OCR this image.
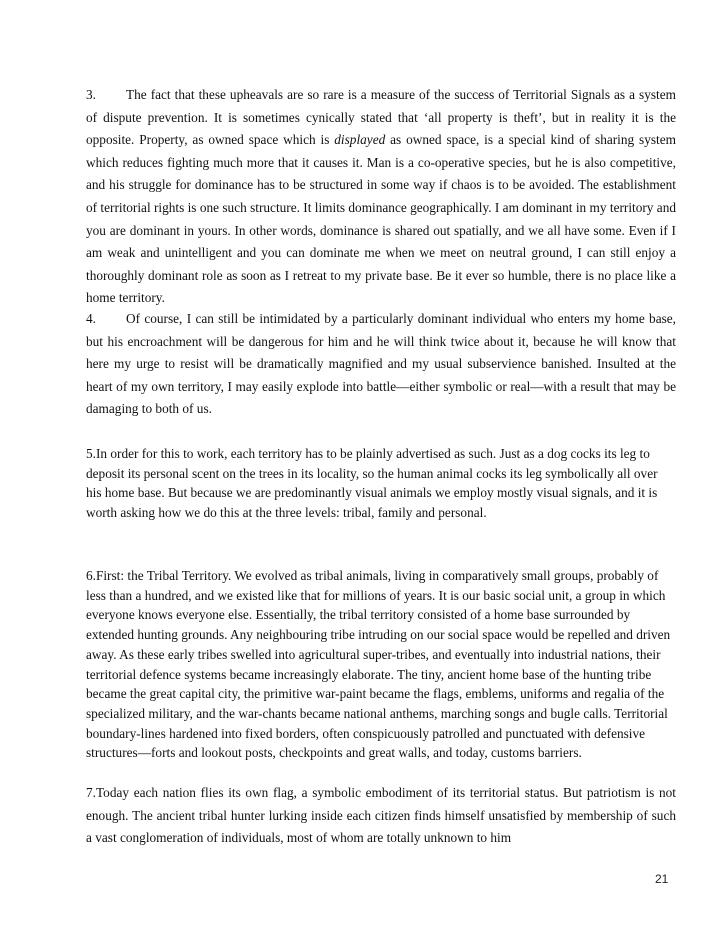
3. The fact that these upheavals are so rare is a measure of the success of Territorial Signals as a system of dispute prevention. It is sometimes cynically stated that ‘all property is theft’, but in reality it is the opposite. Property, as owned space which is displayed as owned space, is a special kind of sharing system which reduces fighting much more that it causes it. Man is a co-operative species, but he is also competitive, and his struggle for dominance has to be structured in some way if chaos is to be avoided. The establishment of territorial rights is one such structure. It limits dominance geographically. I am dominant in my territory and you are dominant in yours. In other words, dominance is shared out spatially, and we all have some. Even if I am weak and unintelligent and you can dominate me when we meet on neutral ground, I can still enjoy a thoroughly dominant role as soon as I retreat to my private base. Be it ever so humble, there is no place like a home territory.

4. Of course, I can still be intimidated by a particularly dominant individual who enters my home base, but his encroachment will be dangerous for him and he will think twice about it, because he will know that here my urge to resist will be dramatically magnified and my usual subservience banished. Insulted at the heart of my own territory, I may easily explode into battle—either symbolic or real—with a result that may be damaging to both of us.

5.In order for this to work, each territory has to be plainly advertised as such. Just as a dog cocks its leg to deposit its personal scent on the trees in its locality, so the human animal cocks its leg symbolically all over his home base. But because we are predominantly visual animals we employ mostly visual signals, and it is worth asking how we do this at the three levels: tribal, family and personal.

6.First: the Tribal Territory. We evolved as tribal animals, living in comparatively small groups, probably of less than a hundred, and we existed like that for millions of years. It is our basic social unit, a group in which everyone knows everyone else. Essentially, the tribal territory consisted of a home base surrounded by extended hunting grounds. Any neighbouring tribe intruding on our social space would be repelled and driven away. As these early tribes swelled into agricultural super-tribes, and eventually into industrial nations, their territorial defence systems became increasingly elaborate. The tiny, ancient home base of the hunting tribe became the great capital city, the primitive war-paint became the flags, emblems, uniforms and regalia of the specialized military, and the war-chants became national anthems, marching songs and bugle calls. Territorial boundary-lines hardened into fixed borders, often conspicuously patrolled and punctuated with defensive structures—forts and lookout posts, checkpoints and great walls, and today, customs barriers.

7.Today each nation flies its own flag, a symbolic embodiment of its territorial status. But patriotism is not enough. The ancient tribal hunter lurking inside each citizen finds himself unsatisfied by membership of such a vast conglomeration of individuals, most of whom are totally unknown to him

21
